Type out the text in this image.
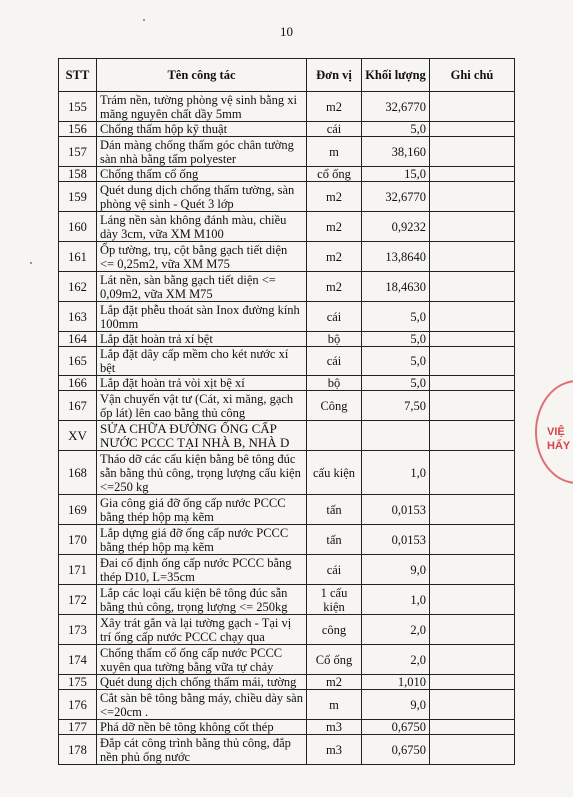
10
STT	Tên công tác	Đơn vị	Khối lượng	Ghi chú
155	Trám nền, tường phòng vệ sinh bằng xi măng nguyên chất dầy 5mm	m2	32,6770	
156	Chống thấm hộp kỹ thuật	cái	5,0	
157	Dán màng chống thấm góc chân tường sàn nhà bằng tấm polyester	m	38,160	
158	Chống thấm cổ ống	cổ ống	15,0	
159	Quét dung dịch chống thấm tường, sàn phòng vệ sinh - Quét 3 lớp	m2	32,6770	
160	Láng nền sàn không đánh màu, chiều dày 3cm, vữa XM M100	m2	0,9232	
161	Ốp tường, trụ, cột bằng gạch tiết diện <= 0,25m2, vữa XM M75	m2	13,8640	
162	Lát nền, sàn bằng gạch tiết diện <= 0,09m2, vữa XM M75	m2	18,4630	
163	Lắp đặt phễu thoát sàn Inox đường kính 100mm	cái	5,0	
164	Lắp đặt hoàn trả xí bệt	bộ	5,0	
165	Lắp đặt dây cấp mềm cho két nước xí bệt	cái	5,0	
166	Lắp đặt hoàn trả vòi xịt bệ xí	bộ	5,0	
167	Vận chuyển vật tư (Cát, xi măng, gạch ốp lát) lên cao bằng thủ công	Công	7,50	
XV	SỬA CHỮA ĐƯỜNG ỐNG CẤP NƯỚC PCCC TẠI NHÀ B, NHÀ D			
168	Tháo dỡ các cấu kiện bằng bê tông đúc sẵn bằng thủ công, trọng lượng cấu kiện <=250 kg	cấu kiện	1,0	
169	Gia công giá đỡ ống cấp nước PCCC bằng thép hộp mạ kẽm	tấn	0,0153	
170	Lắp dựng giá đỡ ống cấp nước PCCC bằng thép hộp mạ kẽm	tấn	0,0153	
171	Đai cố định ống cấp nước PCCC bằng thép D10, L=35cm	cái	9,0	
172	Lắp các loại cấu kiện bê tông đúc sẵn bằng thủ công, trọng lượng <= 250kg	1 cấu kiện	1,0	
173	Xây trát gắn và lại tường gạch - Tại vị trí ống cấp nước PCCC chạy qua	công	2,0	
174	Chống thấm cổ ống cấp nước PCCC xuyên qua tường bằng vữa tự chảy	Cổ ống	2,0	
175	Quét dung dịch chống thấm mái, tường	m2	1,010	
176	Cắt sàn bê tông bằng máy, chiều dày sàn <=20cm .	m	9,0	
177	Phá dỡ nền bê tông không cốt thép	m3	0,6750	
178	Đắp cát công trình bằng thủ công, đắp nền phủ ống nước	m3	0,6750	
VIỆ
HẤY
